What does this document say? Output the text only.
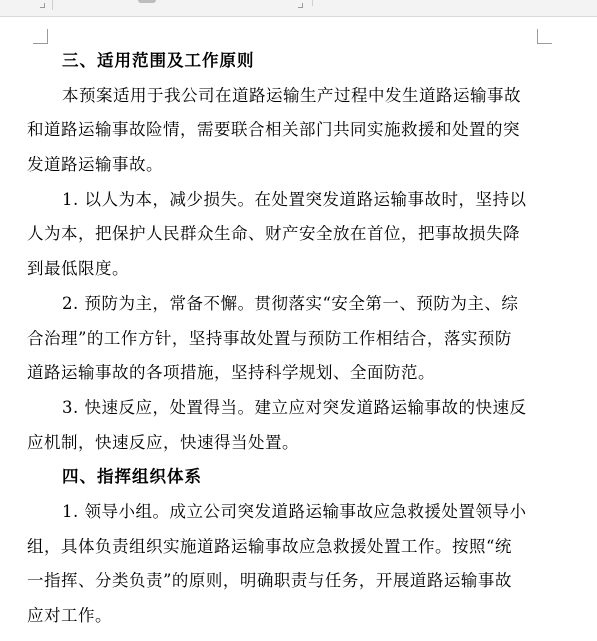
三、适用范围及工作原则
本预案适用于我公司在道路运输生产过程中发生道路运输事故
和道路运输事故险情，需要联合相关部门共同实施救援和处置的突
发道路运输事故。
1. 以人为本，减少损失。在处置突发道路运输事故时，坚持以
人为本，把保护人民群众生命、财产安全放在首位，把事故损失降
到最低限度。
2. 预防为主，常备不懈。贯彻落实“安全第一、预防为主、综
合治理”的工作方针，坚持事故处置与预防工作相结合，落实预防
道路运输事故的各项措施，坚持科学规划、全面防范。
3. 快速反应，处置得当。建立应对突发道路运输事故的快速反
应机制，快速反应，快速得当处置。
四、指挥组织体系
1. 领导小组。成立公司突发道路运输事故应急救援处置领导小
组，具体负责组织实施道路运输事故应急救援处置工作。按照“统
一指挥、分类负责”的原则，明确职责与任务，开展道路运输事故
应对工作。
